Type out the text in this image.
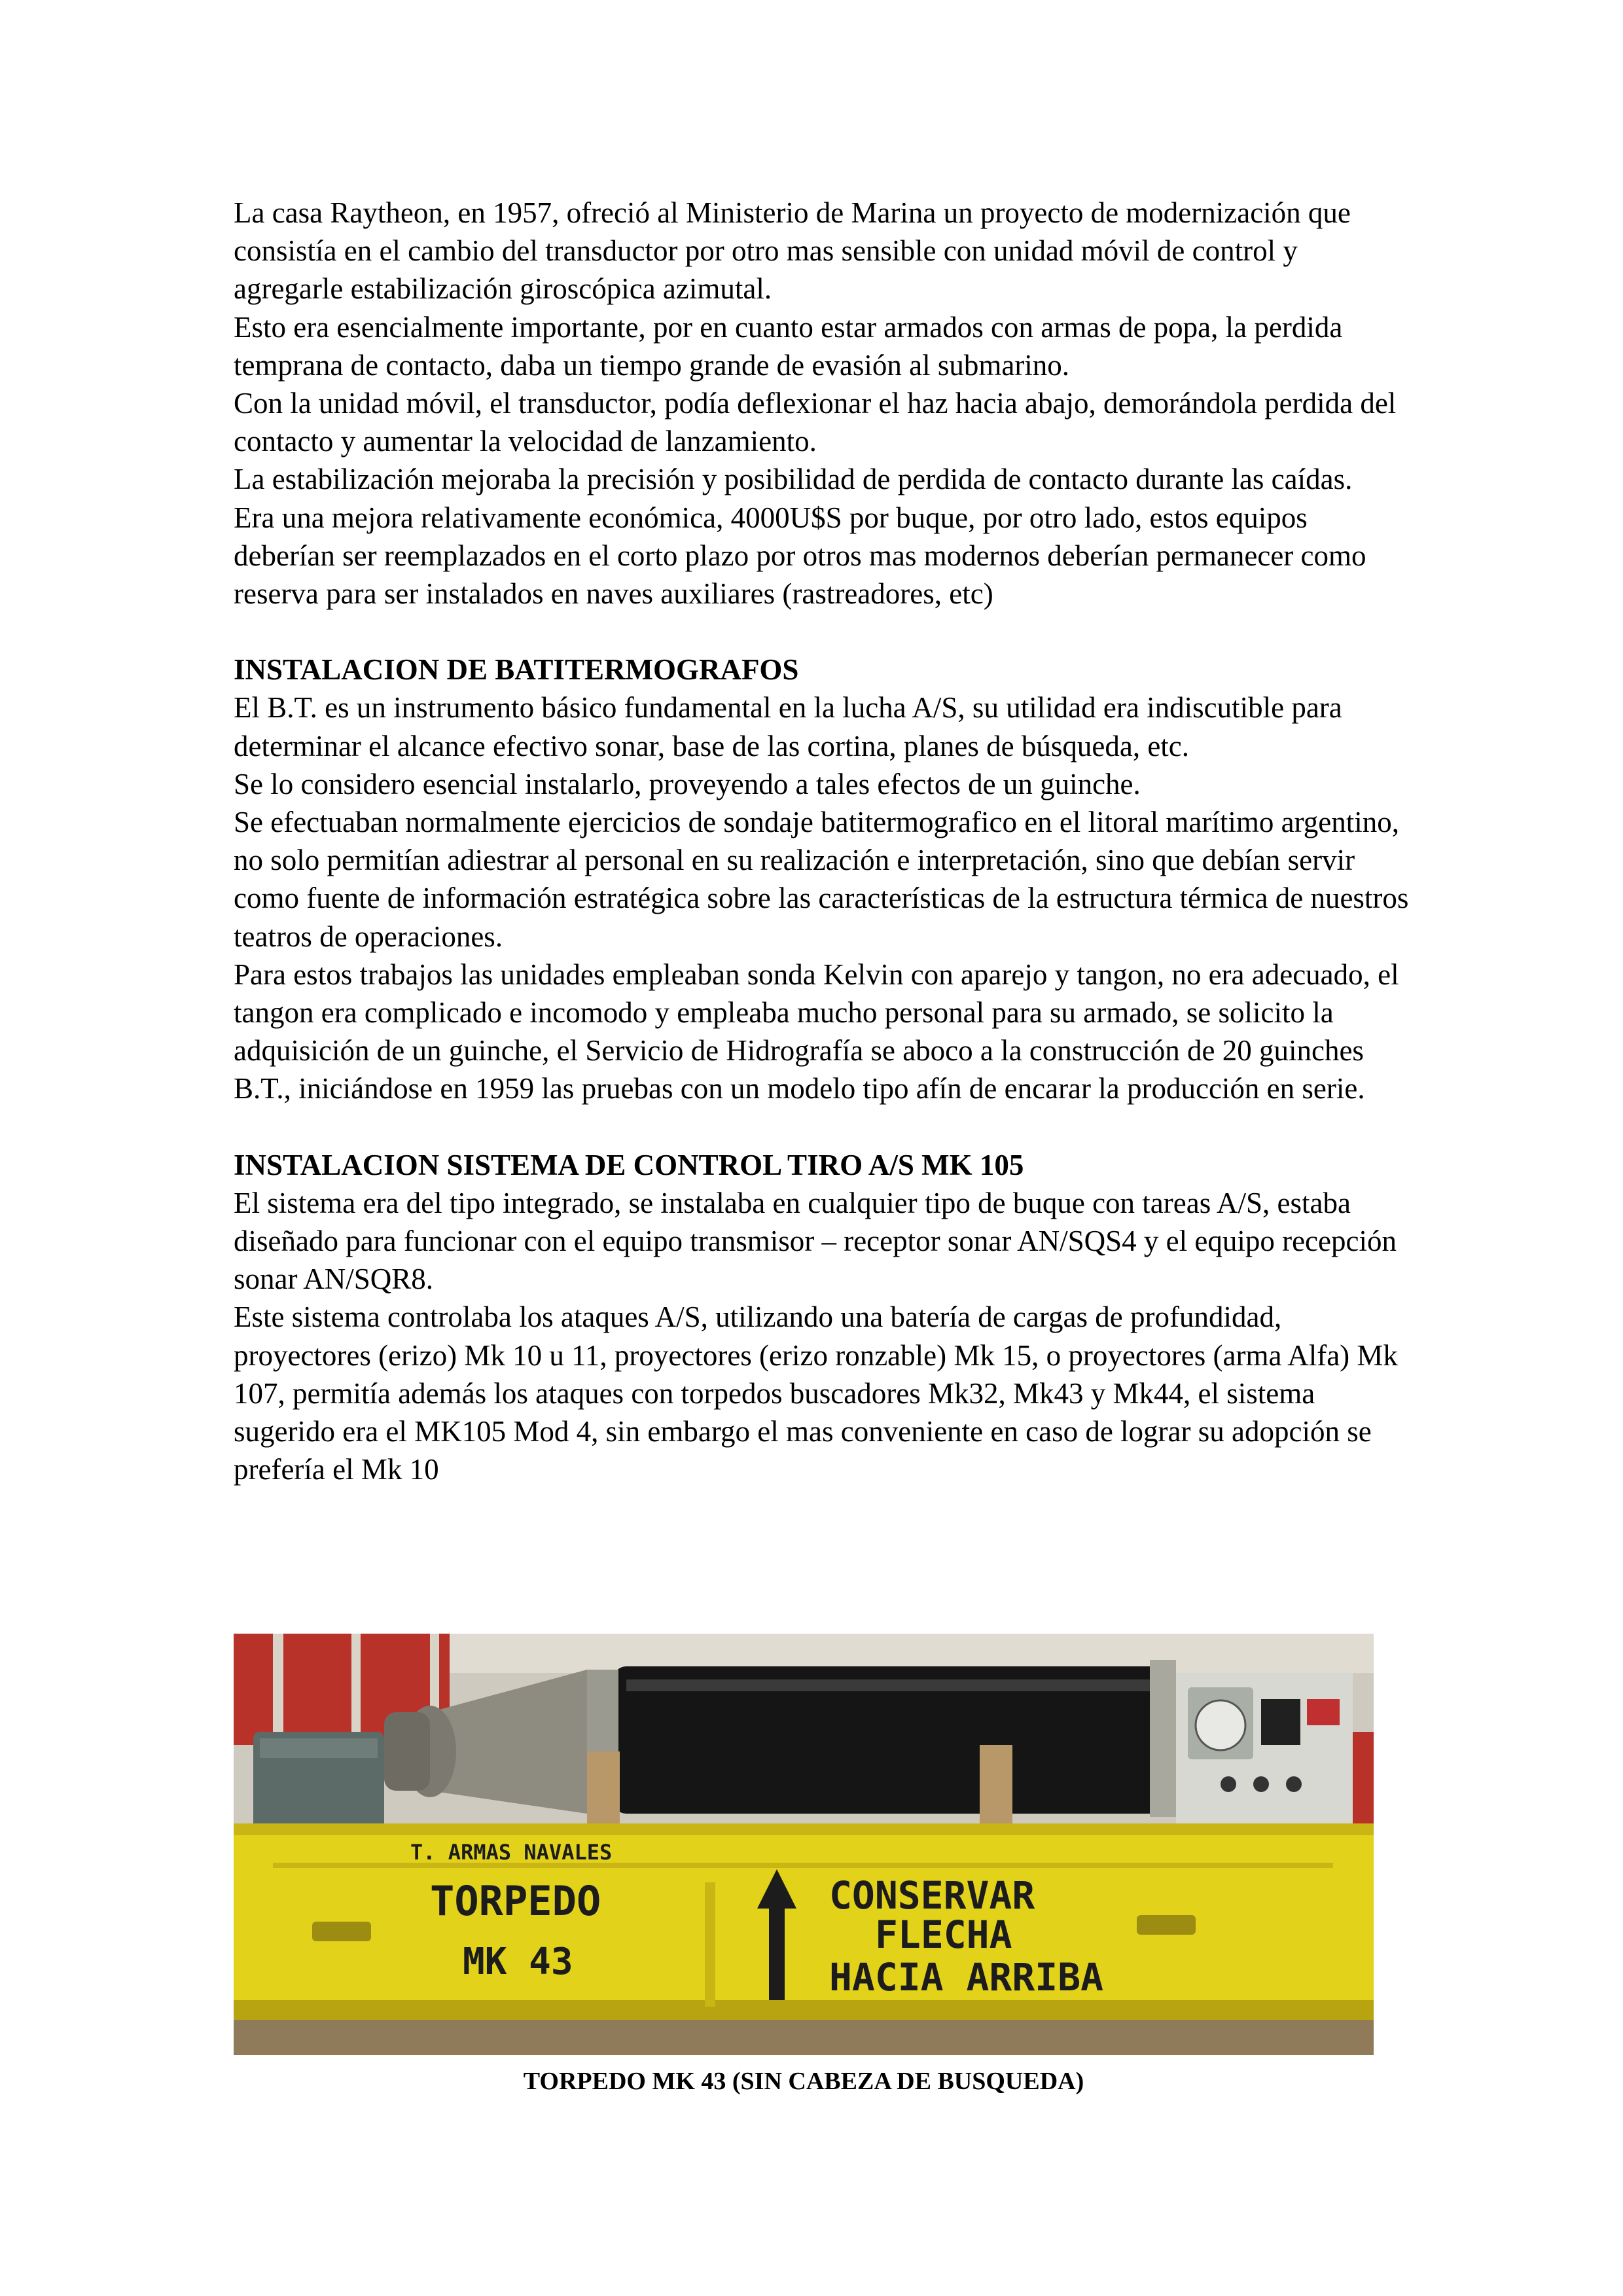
La casa Raytheon, en 1957, ofreció al Ministerio de Marina un proyecto de modernización que consistía en el cambio del transductor por otro mas sensible con unidad móvil de control y agregarle estabilización giroscópica azimutal.

Esto era esencialmente importante, por en cuanto estar armados con armas de popa, la perdida temprana de contacto, daba un tiempo grande de evasión al submarino.

Con la unidad móvil, el transductor, podía deflexionar el haz hacia abajo, demorándola perdida del contacto y aumentar la velocidad de lanzamiento.

La estabilización mejoraba la precisión y posibilidad de perdida de contacto durante las caídas.

Era una mejora relativamente económica, 4000U$S por buque, por otro lado, estos equipos deberían ser reemplazados en el corto plazo por otros mas modernos deberían permanecer como reserva para ser instalados en naves auxiliares (rastreadores, etc)

INSTALACION DE BATITERMOGRAFOS

El B.T. es un instrumento básico fundamental en la lucha A/S, su utilidad era indiscutible para determinar el alcance efectivo sonar, base de las cortina, planes de búsqueda, etc.

Se lo considero esencial instalarlo, proveyendo a tales efectos de un guinche.

Se efectuaban normalmente ejercicios de sondaje batitermografico en el litoral marítimo argentino, no solo permitían adiestrar al personal en su realización e interpretación, sino que debían servir como fuente de información estratégica sobre las características de la estructura térmica de nuestros teatros de operaciones.

Para estos trabajos las unidades empleaban sonda Kelvin con aparejo y tangon, no era adecuado, el tangon era complicado e incomodo y empleaba mucho personal para su armado, se solicito la adquisición de un guinche, el Servicio de Hidrografía se aboco a la construcción de 20 guinches B.T., iniciándose en 1959 las pruebas con un modelo tipo afín de encarar la producción en serie.

INSTALACION SISTEMA DE CONTROL TIRO A/S MK 105

El sistema era del tipo integrado, se instalaba en cualquier tipo de buque con tareas A/S, estaba diseñado para funcionar con el equipo transmisor – receptor sonar AN/SQS4 y el equipo recepción sonar AN/SQR8.

Este sistema controlaba los ataques A/S, utilizando una batería de cargas de profundidad, proyectores (erizo) Mk 10 u 11, proyectores (erizo ronzable) Mk 15, o proyectores (arma Alfa) Mk 107, permitía además los ataques con torpedos buscadores Mk32, Mk43 y Mk44, el sistema sugerido era el MK105 Mod 4, sin embargo el mas conveniente en caso de lograr su adopción se prefería el Mk 10

T. ARMAS NAVALES
TORPEDO
MK 43
CONSERVAR
FLECHA
HACIA ARRIBA
TORPEDO MK 43 (SIN CABEZA DE BUSQUEDA)
